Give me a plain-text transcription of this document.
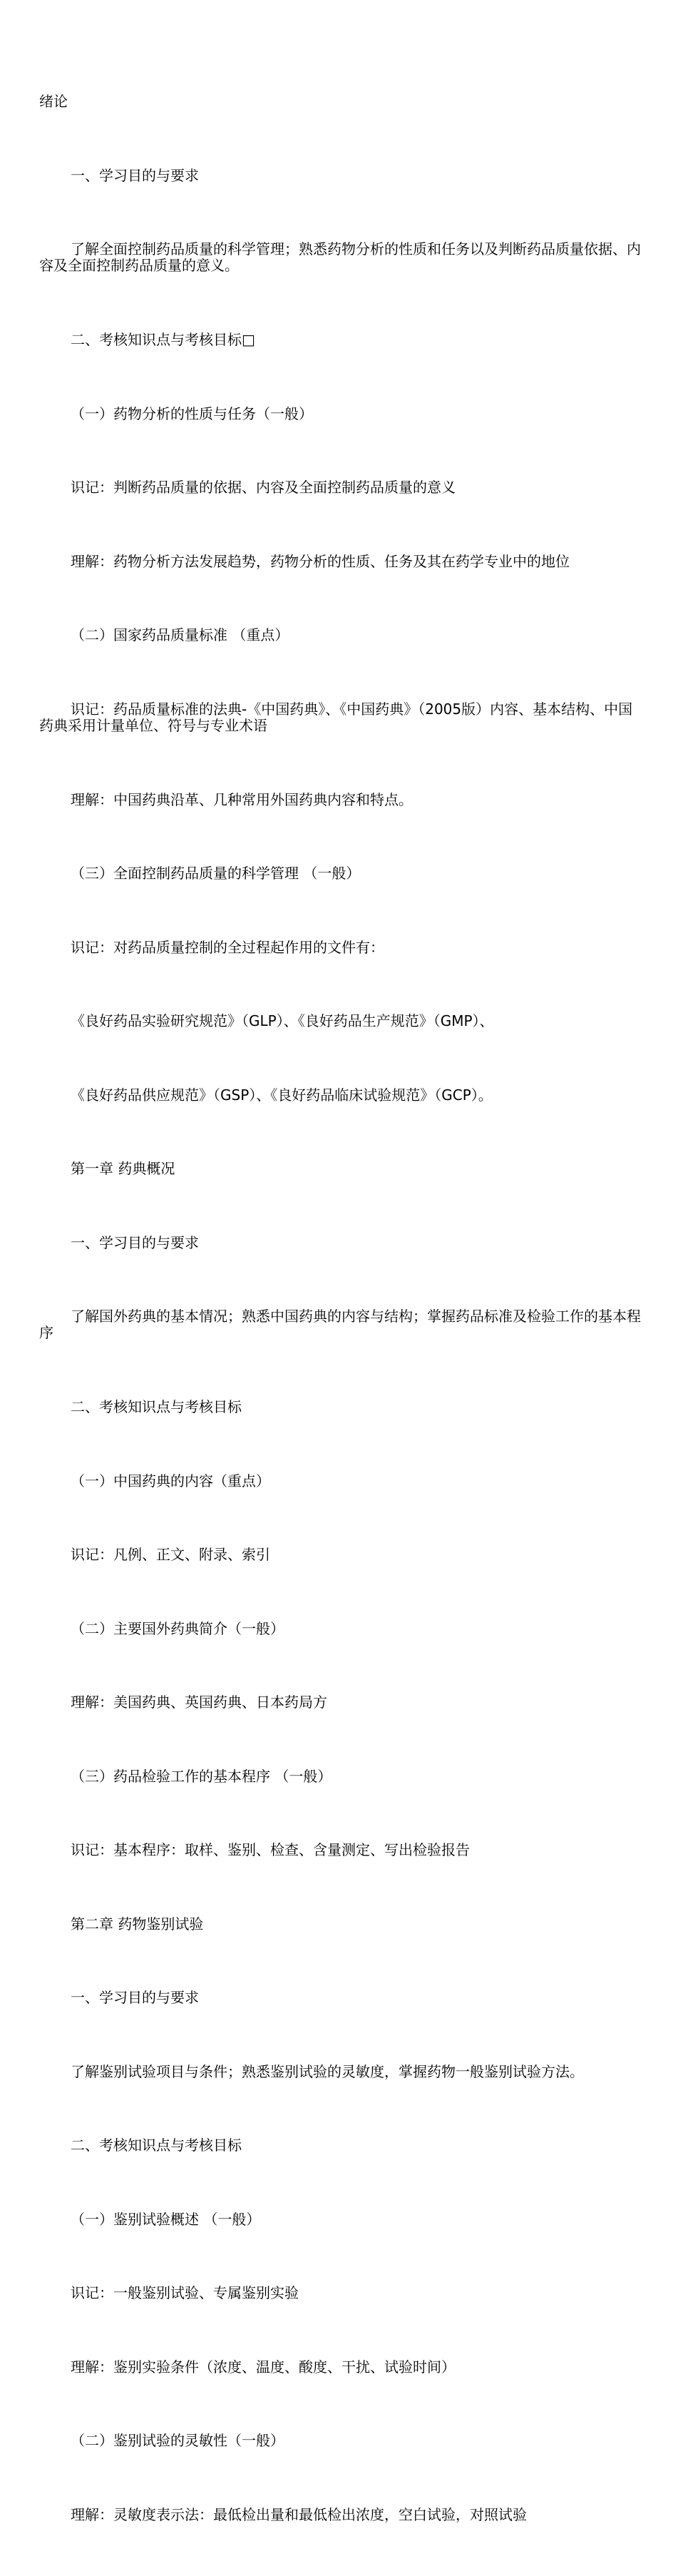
绪论

一、学习目的与要求

了解全面控制药品质量的科学管理；熟悉药物分析的性质和任务以及判断药品质量依据、内容及全面控制药品质量的意义。

二、考核知识点与考核目标□

（一）药物分析的性质与任务（一般）

识记：判断药品质量的依据、内容及全面控制药品质量的意义

理解：药物分析方法发展趋势，药物分析的性质、任务及其在药学专业中的地位

（二）国家药品质量标准 （重点）

识记：药品质量标准的法典-《中国药典》、《中国药典》（2005版）内容、基本结构、中国药典采用计量单位、符号与专业术语

理解：中国药典沿革、几种常用外国药典内容和特点。

（三）全面控制药品质量的科学管理 （一般）

识记：对药品质量控制的全过程起作用的文件有：

《良好药品实验研究规范》（GLP）、《良好药品生产规范》（GMP）、

《良好药品供应规范》（GSP）、《良好药品临床试验规范》（GCP）。

第一章 药典概况

一、学习目的与要求

了解国外药典的基本情况；熟悉中国药典的内容与结构；掌握药品标准及检验工作的基本程序

二、考核知识点与考核目标

（一）中国药典的内容（重点）

识记：凡例、正文、附录、索引

（二）主要国外药典简介（一般）

理解：美国药典、英国药典、日本药局方

（三）药品检验工作的基本程序 （一般）

识记：基本程序：取样、鉴别、检查、含量测定、写出检验报告

第二章 药物鉴别试验

一、学习目的与要求

了解鉴别试验项目与条件；熟悉鉴别试验的灵敏度，掌握药物一般鉴别试验方法。

二、考核知识点与考核目标

（一）鉴别试验概述 （一般）

识记：一般鉴别试验、专属鉴别实验

理解：鉴别实验条件（浓度、温度、酸度、干扰、试验时间）

（二）鉴别试验的灵敏性（一般）

理解：灵敏度表示法：最低检出量和最低检出浓度，空白试验，对照试验
